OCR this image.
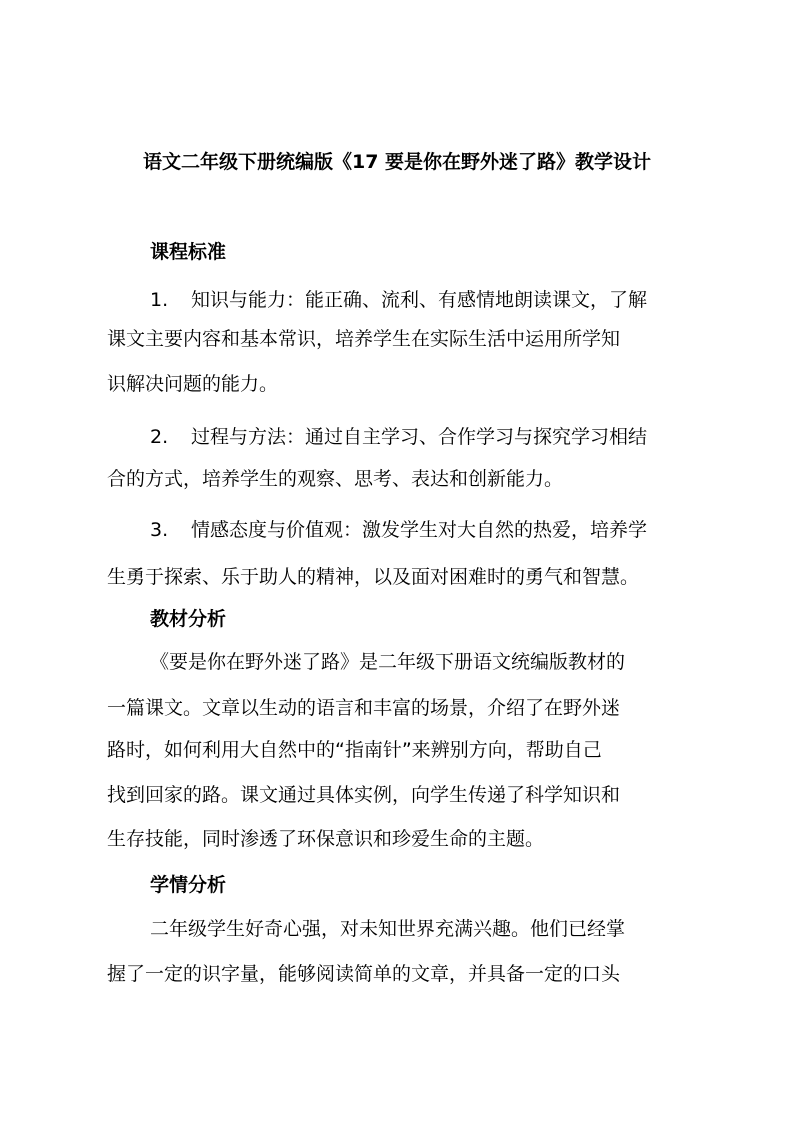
语文二年级下册统编版《17 要是你在野外迷了路》教学设计
课程标准
1. 知识与能力：能正确、流利、有感情地朗读课文，了解
课文主要内容和基本常识，培养学生在实际生活中运用所学知
识解决问题的能力。
2. 过程与方法：通过自主学习、合作学习与探究学习相结
合的方式，培养学生的观察、思考、表达和创新能力。
3. 情感态度与价值观：激发学生对大自然的热爱，培养学
生勇于探索、乐于助人的精神，以及面对困难时的勇气和智慧。
教材分析
《要是你在野外迷了路》是二年级下册语文统编版教材的
一篇课文。文章以生动的语言和丰富的场景，介绍了在野外迷
路时，如何利用大自然中的“指南针”来辨别方向，帮助自己
找到回家的路。课文通过具体实例，向学生传递了科学知识和
生存技能，同时渗透了环保意识和珍爱生命的主题。
学情分析
二年级学生好奇心强，对未知世界充满兴趣。他们已经掌
握了一定的识字量，能够阅读简单的文章，并具备一定的口头
